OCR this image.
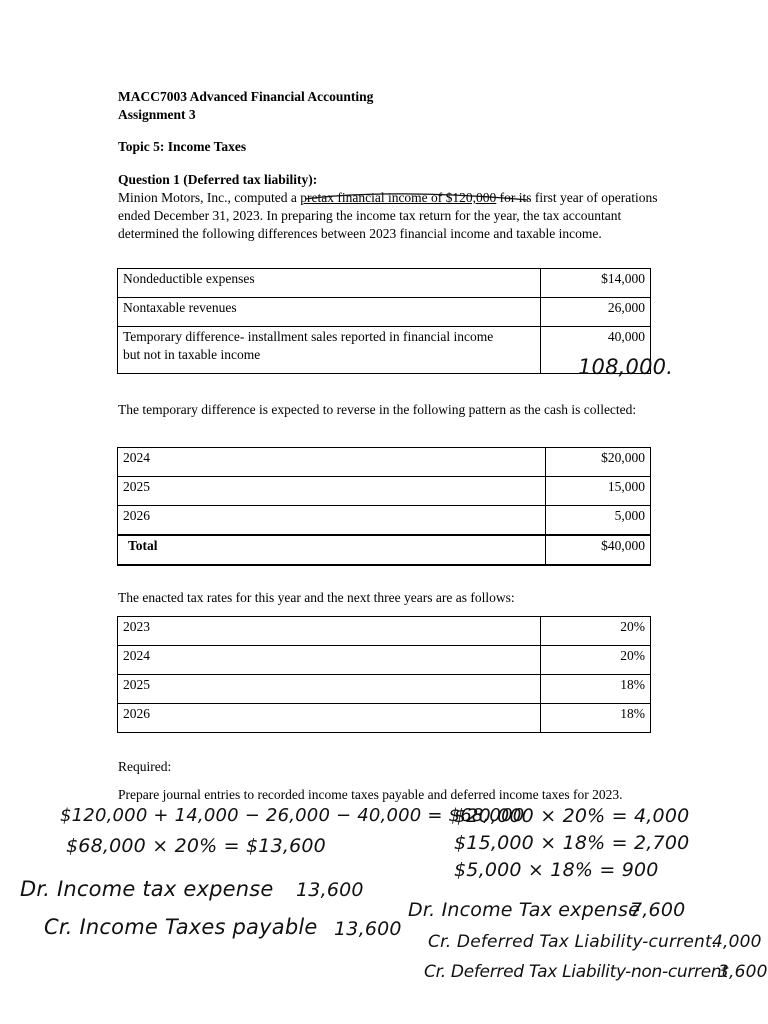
MACC7003 Advanced Financial Accounting
Assignment 3
Topic 5: Income Taxes
Question 1 (Deferred tax liability):
Minion Motors, Inc., computed a pretax financial income of $120,000 for its first year of operations ended December 31, 2023. In preparing the income tax return for the year, the tax accountant determined the following differences between 2023 financial income and taxable income.
Nondeductible expenses	$14,000
Nontaxable revenues	26,000

Temporary difference- installment sales reported in financial income
but not in taxable income	40,000
The temporary difference is expected to reverse in the following pattern as the cash is collected:
2024	$20,000
2025	15,000
2026	5,000
Total	$40,000
The enacted tax rates for this year and the next three years are as follows:
2023	20%
2024	20%
2025	18%
2026	18%
Required:
Prepare journal entries to recorded income taxes payable and deferred income taxes for 2023.
108,000.
$120,000 + 14,000 − 26,000 − 40,000 = $68,000
$68,000 × 20% = $13,600
Dr. Income tax expense 13,600
Cr. Income Taxes payable 13,600
$20,000 × 20% = 4,000
$15,000 × 18% = 2,700
$5,000 × 18% = 900
Dr. Income Tax expense
7,600
Cr. Deferred Tax Liability-current.
4,000
Cr. Deferred Tax Liability-non-current
3,600
